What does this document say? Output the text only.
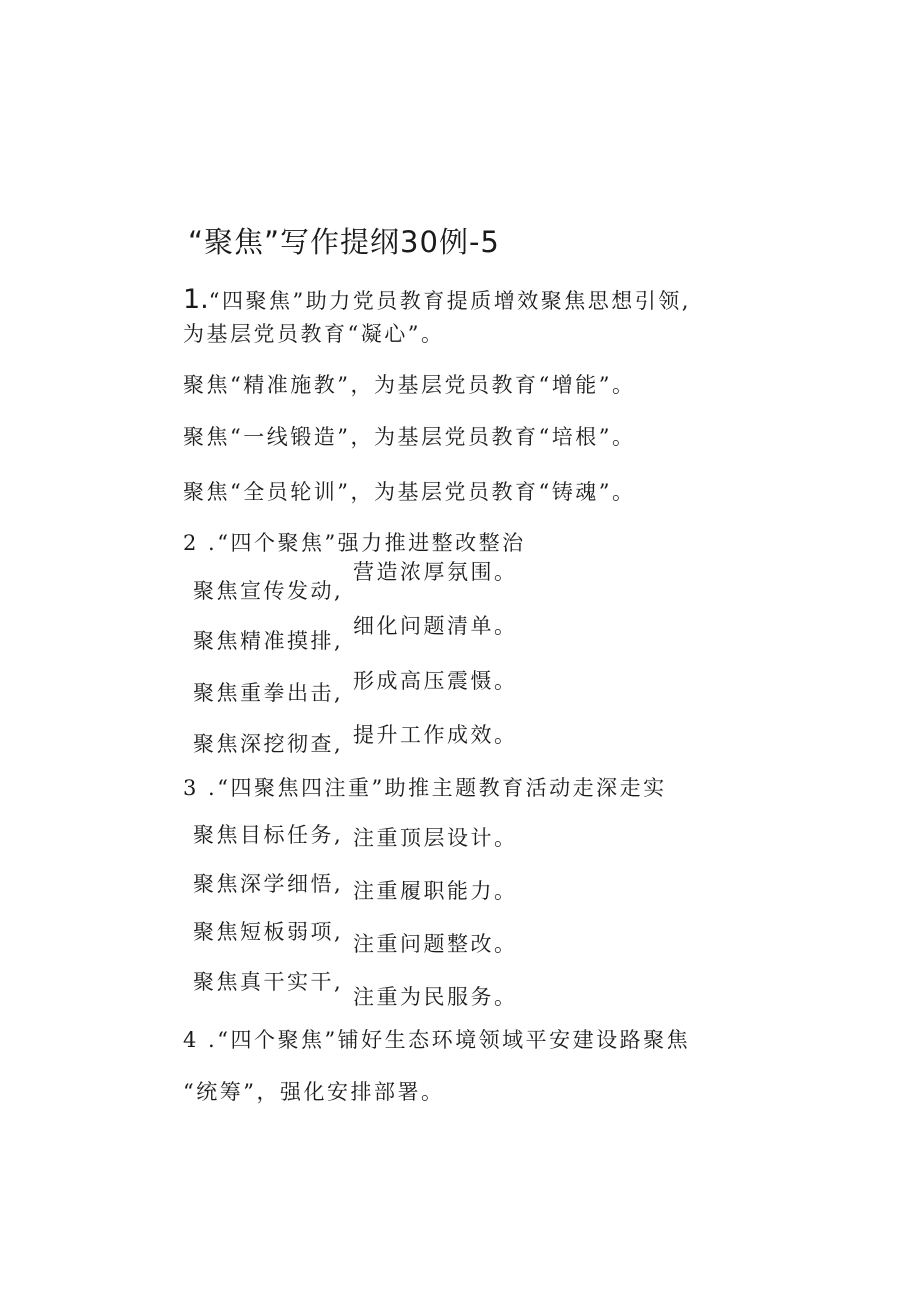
“聚焦”写作提纲30例-5
1.“四聚焦”助力党员教育提质增效聚焦思想引领,
为基层党员教育“凝心”。
聚焦“精准施教”，为基层党员教育“增能”。
聚焦“一线锻造”，为基层党员教育“培根”。
聚焦“全员轮训”，为基层党员教育“铸魂”。
2 .“四个聚焦”强力推进整改整治
聚焦宣传发动,
营造浓厚氛围。
聚焦精准摸排,
细化问题清单。
聚焦重拳出击, 形成高压震慑。
聚焦深挖彻查, 提升工作成效。
3 .“四聚焦四注重”助推主题教育活动走深走实
聚焦目标任务, 注重顶层设计。
聚焦深学细悟, 注重履职能力。
聚焦短板弱项, 注重问题整改。
聚焦真干实干,
注重为民服务。
4 .“四个聚焦”铺好生态环境领域平安建设路聚焦
“统筹”，强化安排部署。
